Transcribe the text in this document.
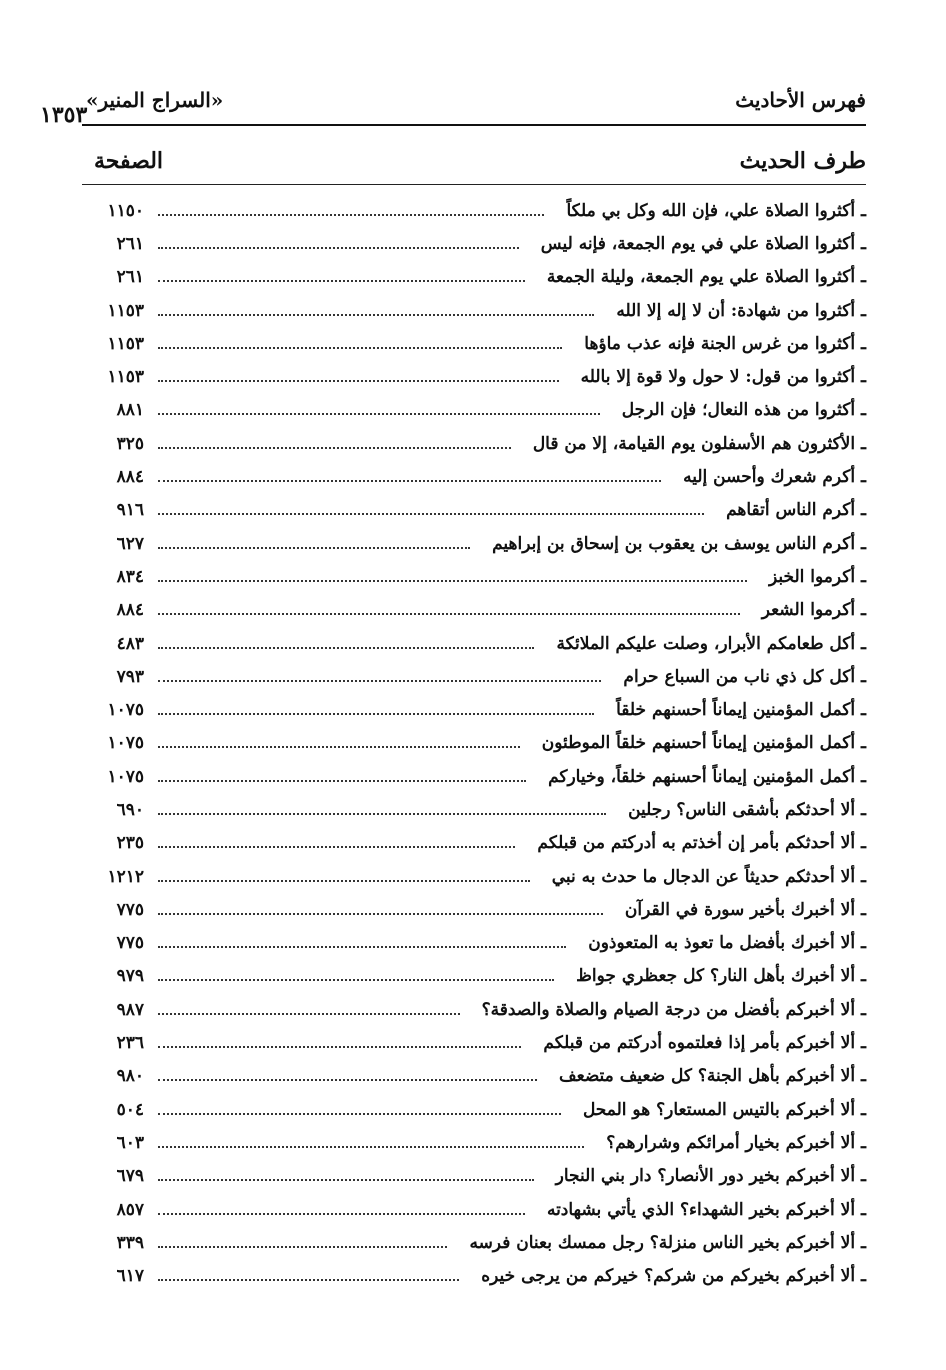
فهرس الأحاديث
«السراج المنير»
١٣٥٣
طرف الحديث
الصفحة
ـ أكثروا الصلاة علي، فإن الله وكل بي ملكاً
١١٥٠
ـ أكثروا الصلاة علي في يوم الجمعة، فإنه ليس
٢٦١
ـ أكثروا الصلاة علي يوم الجمعة، وليلة الجمعة
٢٦١
ـ أكثروا من شهادة: أن لا إله إلا الله
١١٥٣
ـ أكثروا من غرس الجنة فإنه عذب ماؤها
١١٥٣
ـ أكثروا من قول: لا حول ولا قوة إلا بالله
١١٥٣
ـ أكثروا من هذه النعال؛ فإن الرجل
٨٨١
ـ الأكثرون هم الأسفلون يوم القيامة، إلا من قال
٣٢٥
ـ أكرم شعرك وأحسن إليه
٨٨٤
ـ أكرم الناس أتقاهم
٩١٦
ـ أكرم الناس يوسف بن يعقوب بن إسحاق بن إبراهيم
٦٢٧
ـ أكرموا الخبز
٨٣٤
ـ أكرموا الشعر
٨٨٤
ـ أكل طعامكم الأبرار، وصلت عليكم الملائكة
٤٨٣
ـ أكل كل ذي ناب من السباع حرام
٧٩٣
ـ أكمل المؤمنين إيماناً أحسنهم خلقاً
١٠٧٥
ـ أكمل المؤمنين إيماناً أحسنهم خلقاً الموطئون
١٠٧٥
ـ أكمل المؤمنين إيماناً أحسنهم خلقاً، وخياركم
١٠٧٥
ـ ألا أحدثكم بأشقى الناس؟ رجلين
٦٩٠
ـ ألا أحدثكم بأمر إن أخذتم به أدركتم من قبلكم
٢٣٥
ـ ألا أحدثكم حديثاً عن الدجال ما حدث به نبي
١٢١٢
ـ ألا أخبرك بأخير سورة في القرآن
٧٧٥
ـ ألا أخبرك بأفضل ما تعوذ به المتعوذون
٧٧٥
ـ ألا أخبرك بأهل النار؟ كل جعظري جواظ
٩٧٩
ـ ألا أخبركم بأفضل من درجة الصيام والصلاة والصدقة؟
٩٨٧
ـ ألا أخبركم بأمر إذا فعلتموه أدركتم من قبلكم
٢٣٦
ـ ألا أخبركم بأهل الجنة؟ كل ضعيف متضعف
٩٨٠
ـ ألا أخبركم بالتيس المستعار؟ هو المحل
٥٠٤
ـ ألا أخبركم بخيار أمرائكم وشرارهم؟
٦٠٣
ـ ألا أخبركم بخير دور الأنصار؟ دار بني النجار
٦٧٩
ـ ألا أخبركم بخير الشهداء؟ الذي يأتي بشهادته
٨٥٧
ـ ألا أخبركم بخير الناس منزلة؟ رجل ممسك بعنان فرسه
٣٣٩
ـ ألا أخبركم بخيركم من شركم؟ خيركم من يرجى خيره
٦١٧
